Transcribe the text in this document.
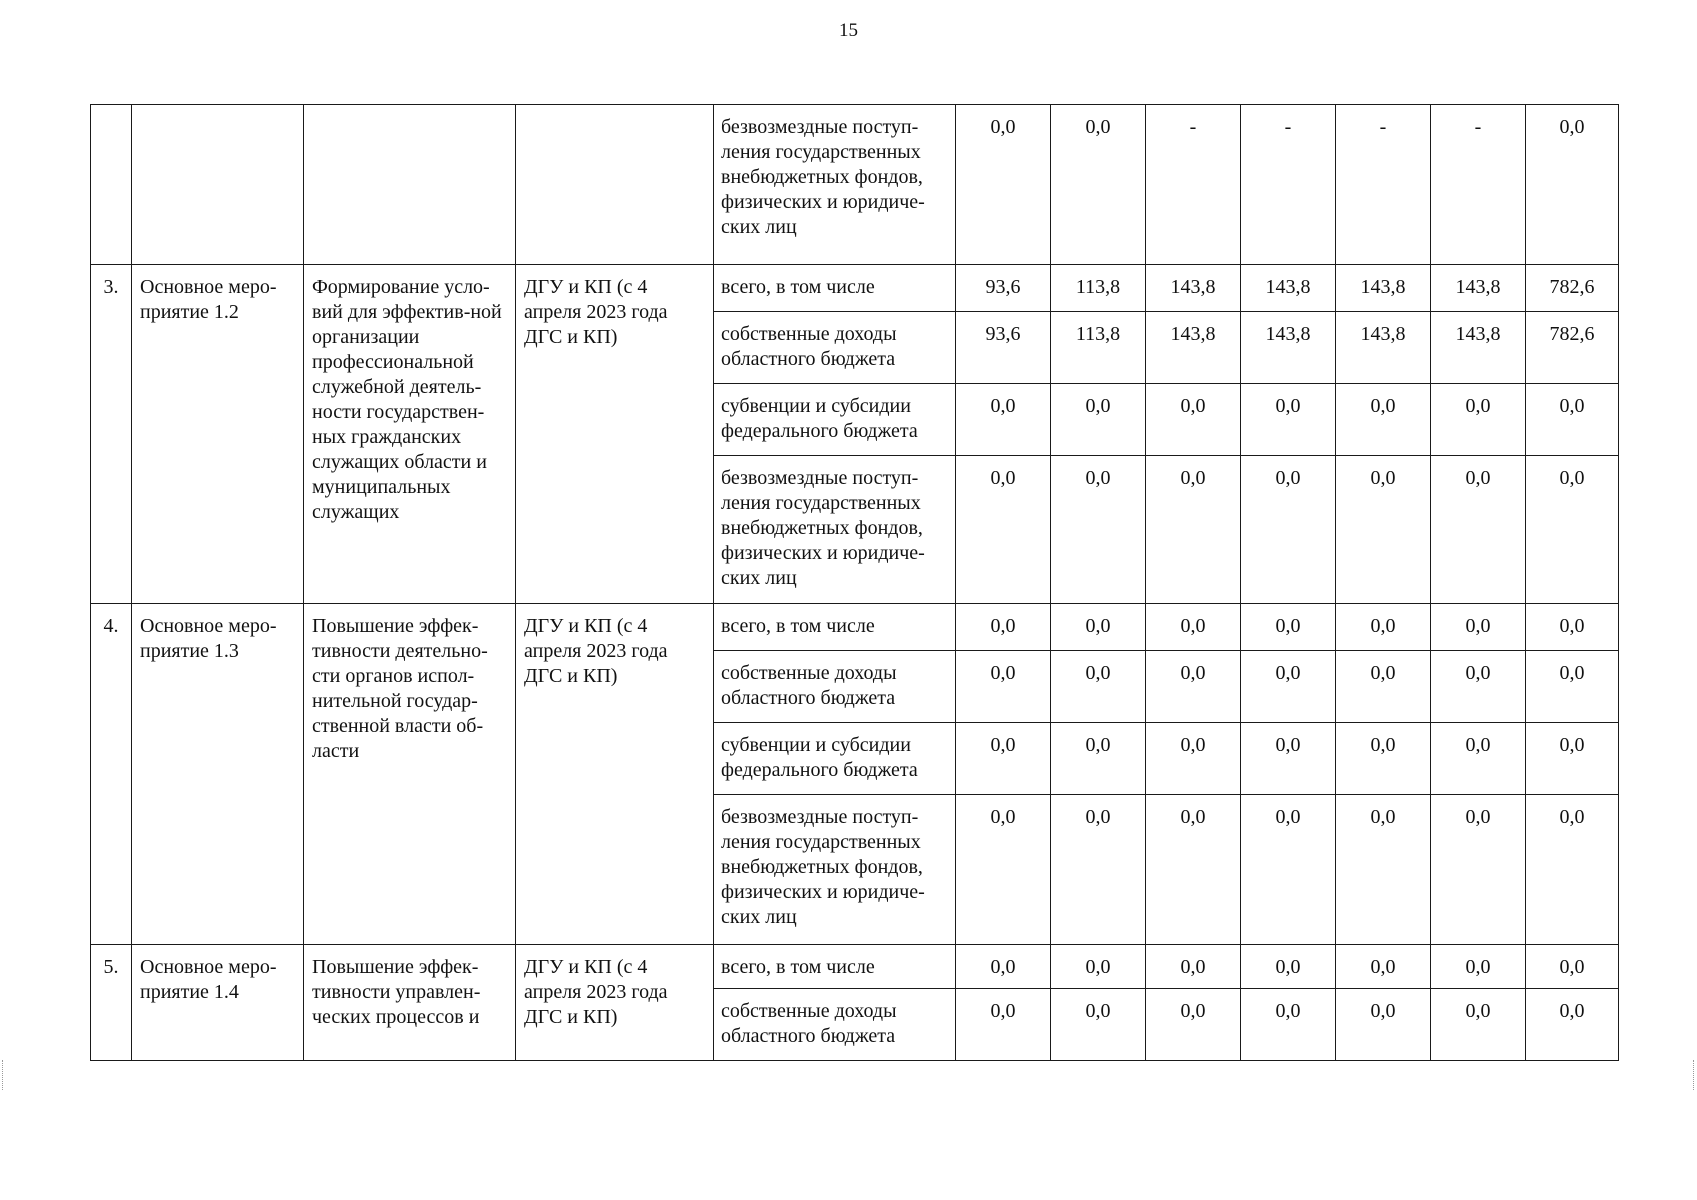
15
				безвозмездные поступ-ления государственных внебюджетных фондов, физических и юридиче-ских лиц	0,0	0,0	-	-	-	-	0,0
3.	Основное меро-приятие 1.2	Формирование усло-вий для эффектив-ной организации профессиональной служебной деятель-ности государствен-ных гражданских служащих области и муниципальных служащих	ДГУ и КП (с 4 апреля 2023 года ДГС и КП)	всего, в том числе	93,6	113,8	143,8	143,8	143,8	143,8	782,6
				собственные доходы областного бюджета	93,6	113,8	143,8	143,8	143,8	143,8	782,6
				субвенции и субсидии федерального бюджета	0,0	0,0	0,0	0,0	0,0	0,0	0,0
				безвозмездные поступ-ления государственных внебюджетных фондов, физических и юридиче-ских лиц	0,0	0,0	0,0	0,0	0,0	0,0	0,0
4.	Основное меро-приятие 1.3	Повышение эффек-тивности деятельно-сти органов испол-нительной государ-ственной власти об-ласти	ДГУ и КП (с 4 апреля 2023 года ДГС и КП)	всего, в том числе	0,0	0,0	0,0	0,0	0,0	0,0	0,0
				собственные доходы областного бюджета	0,0	0,0	0,0	0,0	0,0	0,0	0,0
				субвенции и субсидии федерального бюджета	0,0	0,0	0,0	0,0	0,0	0,0	0,0
				безвозмездные поступ-ления государственных внебюджетных фондов, физических и юридиче-ских лиц	0,0	0,0	0,0	0,0	0,0	0,0	0,0
5.	Основное меро-приятие 1.4	Повышение эффек-тивности управлен-ческих процессов и	ДГУ и КП (с 4 апреля 2023 года ДГС и КП)	всего, в том числе	0,0	0,0	0,0	0,0	0,0	0,0	0,0
				собственные доходы областного бюджета	0,0	0,0	0,0	0,0	0,0	0,0	0,0
